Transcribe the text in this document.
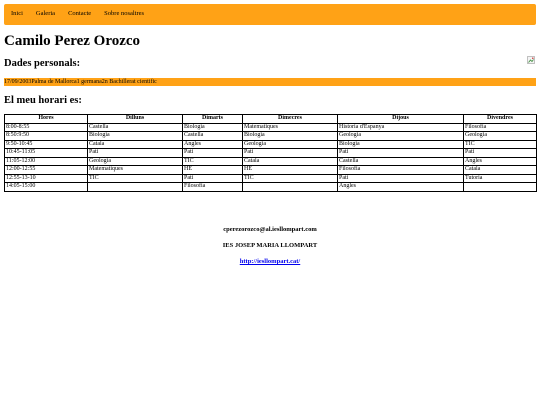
Inici Galeria Contacte Sobre nosaltres
Camilo Perez Orozco
Dades personals:
17/09/2003Palma de Mallorca1 germana2n Bachillerat cientific
El meu horari es:
Hores	Dilluns	Dimarts	Dimecres	Dijous	Divendres
8:00-8:55	Castella	Biologia	Matematiques	Historia d'Espanya	Filosofia
8:50:9:50	Biologia	Castella	Biologia	Geologia	Geologia
9:50-10:45	Catala	Angles	Geologia	Biologia	TIC
10:45-11:05	Pati	Pati	Pati	Pati	Pati
11:05-12:00	Geologia	TIC	Catala	Castella	Angles
12:00-12:55	Matematiques	HE	HE	Filosofia	Catala
12:55-13-10	TIC	Pati	TIC	Pati	Tutoria
14:05-15:00		Filosofia		Angles	
cperezorozco@al.iesllompart.com
IES JOSEP MARIA LLOMPART
http://iesllompart.cat/
